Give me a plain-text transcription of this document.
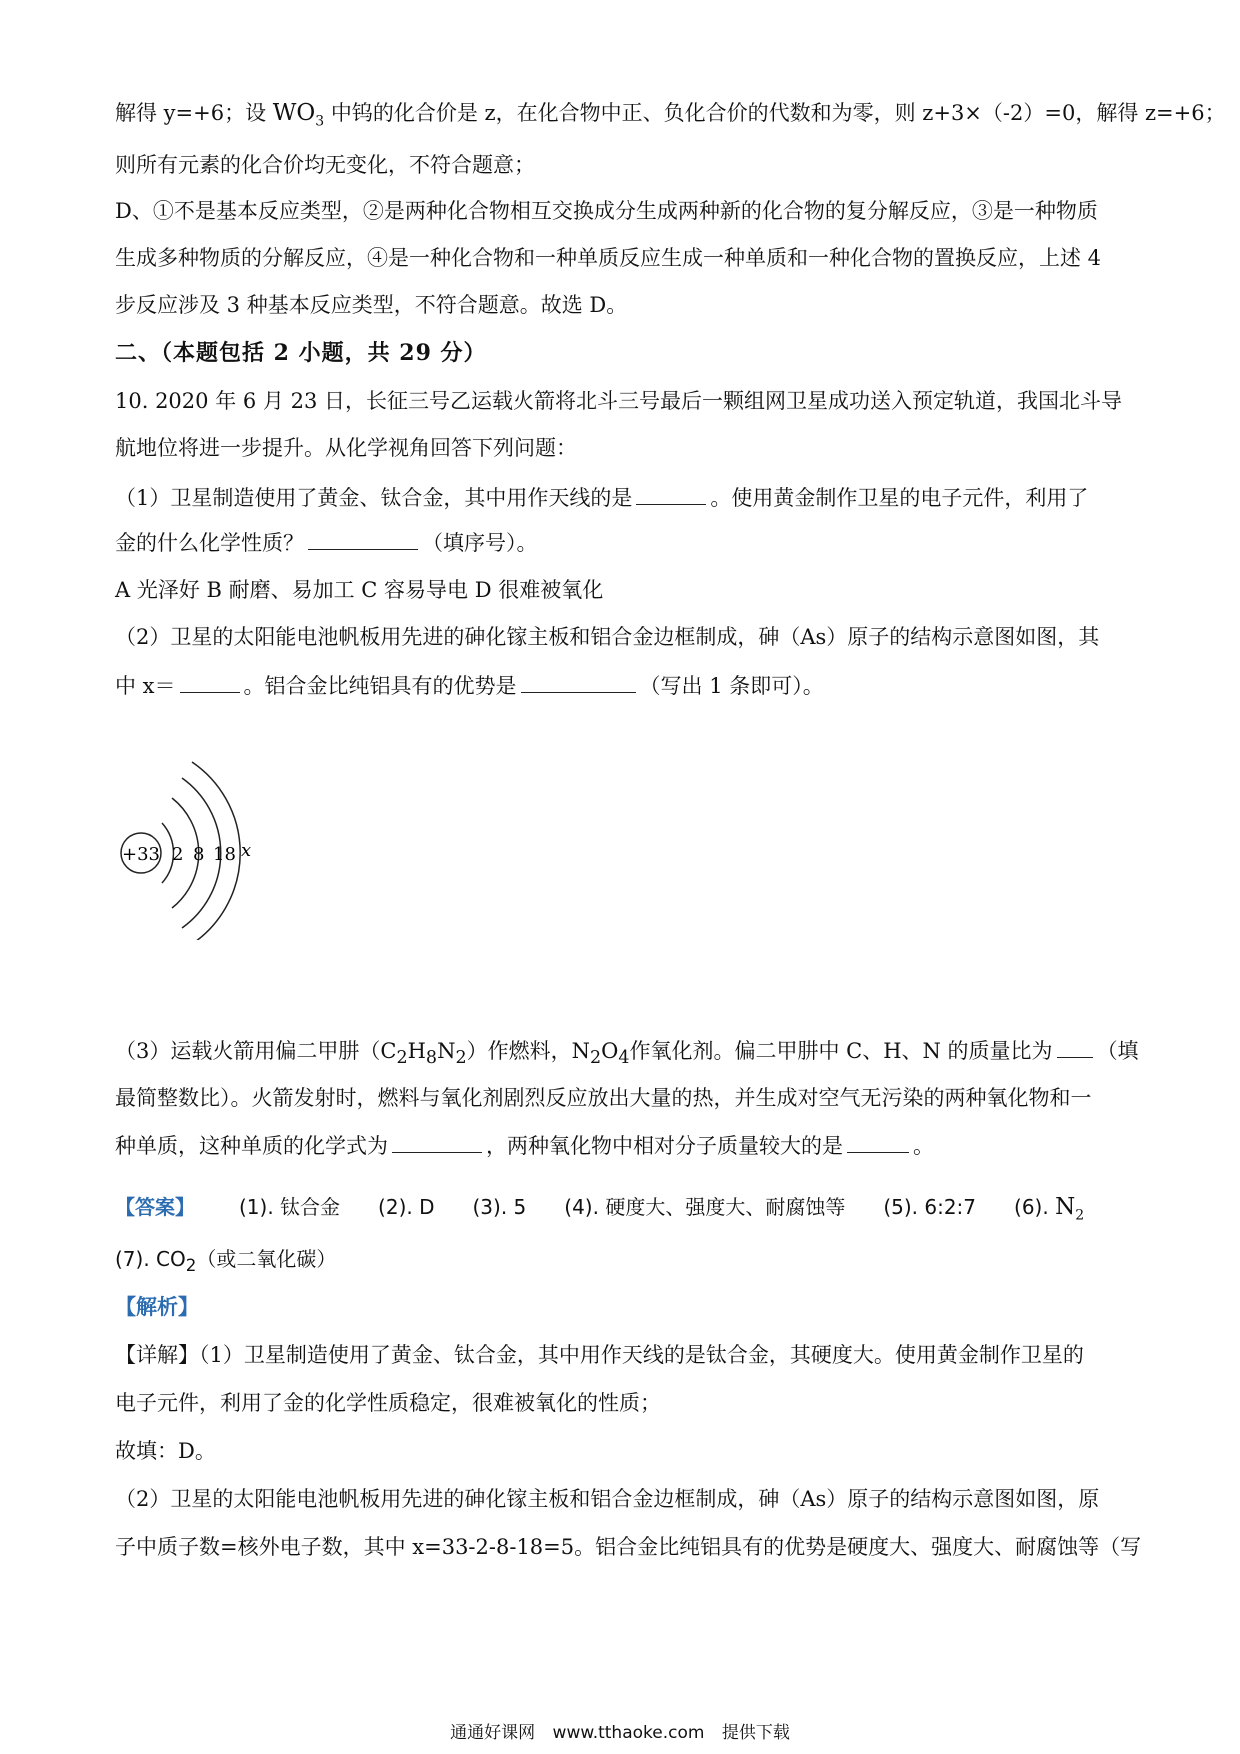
解得 y=+6；设 $WO_3$ 中钨的化合价是 z，在化合物中正、负化合价的代数和为零，则 z+3×（-2）=0，解得 z=+6；
则所有元素的化合价均无变化，不符合题意；
D、①不是基本反应类型，②是两种化合物相互交换成分生成两种新的化合物的复分解反应，③是一种物质
生成多种物质的分解反应，④是一种化合物和一种单质反应生成一种单质和一种化合物的置换反应，上述 4
步反应涉及 3 种基本反应类型，不符合题意。故选 D。
二、（本题包括 2 小题，共 29 分）
10. 2020 年 6 月 23 日，长征三号乙运载火箭将北斗三号最后一颗组网卫星成功送入预定轨道，我国北斗导
航地位将进一步提升。从化学视角回答下列问题：
（1）卫星制造使用了黄金、钛合金，其中用作天线的是	。使用黄金制作卫星的电子元件，利用了
金的什么化学性质？	（填序号）。
A 光泽好 B 耐磨、易加工 C 容易导电 D 很难被氧化
（2）卫星的太阳能电池帆板用先进的砷化镓主板和铝合金边框制成，砷（As）原子的结构示意图如图，其
中 x＝	。铝合金比纯铝具有的优势是	（写出 1 条即可）。
+33 2 8 18 x
（3）运载火箭用偏二甲肼$(C_2H_8N_2)$作燃料，$N_2O_4$作氧化剂。偏二甲肼中 C、H、N 的质量比为 （填
最简整数比）。火箭发射时，燃料与氧化剂剧烈反应放出大量的热，并生成对空气无污染的两种氧化物和一
种单质，这种单质的化学式为	，两种氧化物中相对分子质量较大的是	。
【答案】 (1). 钛合金 (2). D (3). 5 (4). 硬度大、强度大、耐腐蚀等 (5). 6:2:7 (6). $N_2$
(7). $CO_2$（或二氧化碳）
【解析】
【详解】（1）卫星制造使用了黄金、钛合金，其中用作天线的是钛合金，其硬度大。使用黄金制作卫星的
电子元件，利用了金的化学性质稳定，很难被氧化的性质；
故填：D。
（2）卫星的太阳能电池帆板用先进的砷化镓主板和铝合金边框制成，砷（As）原子的结构示意图如图，原
子中质子数=核外电子数，其中 x=33-2-8-18=5。铝合金比纯铝具有的优势是硬度大、强度大、耐腐蚀等（写
通通好课网 www.tthaoke.com 提供下载
